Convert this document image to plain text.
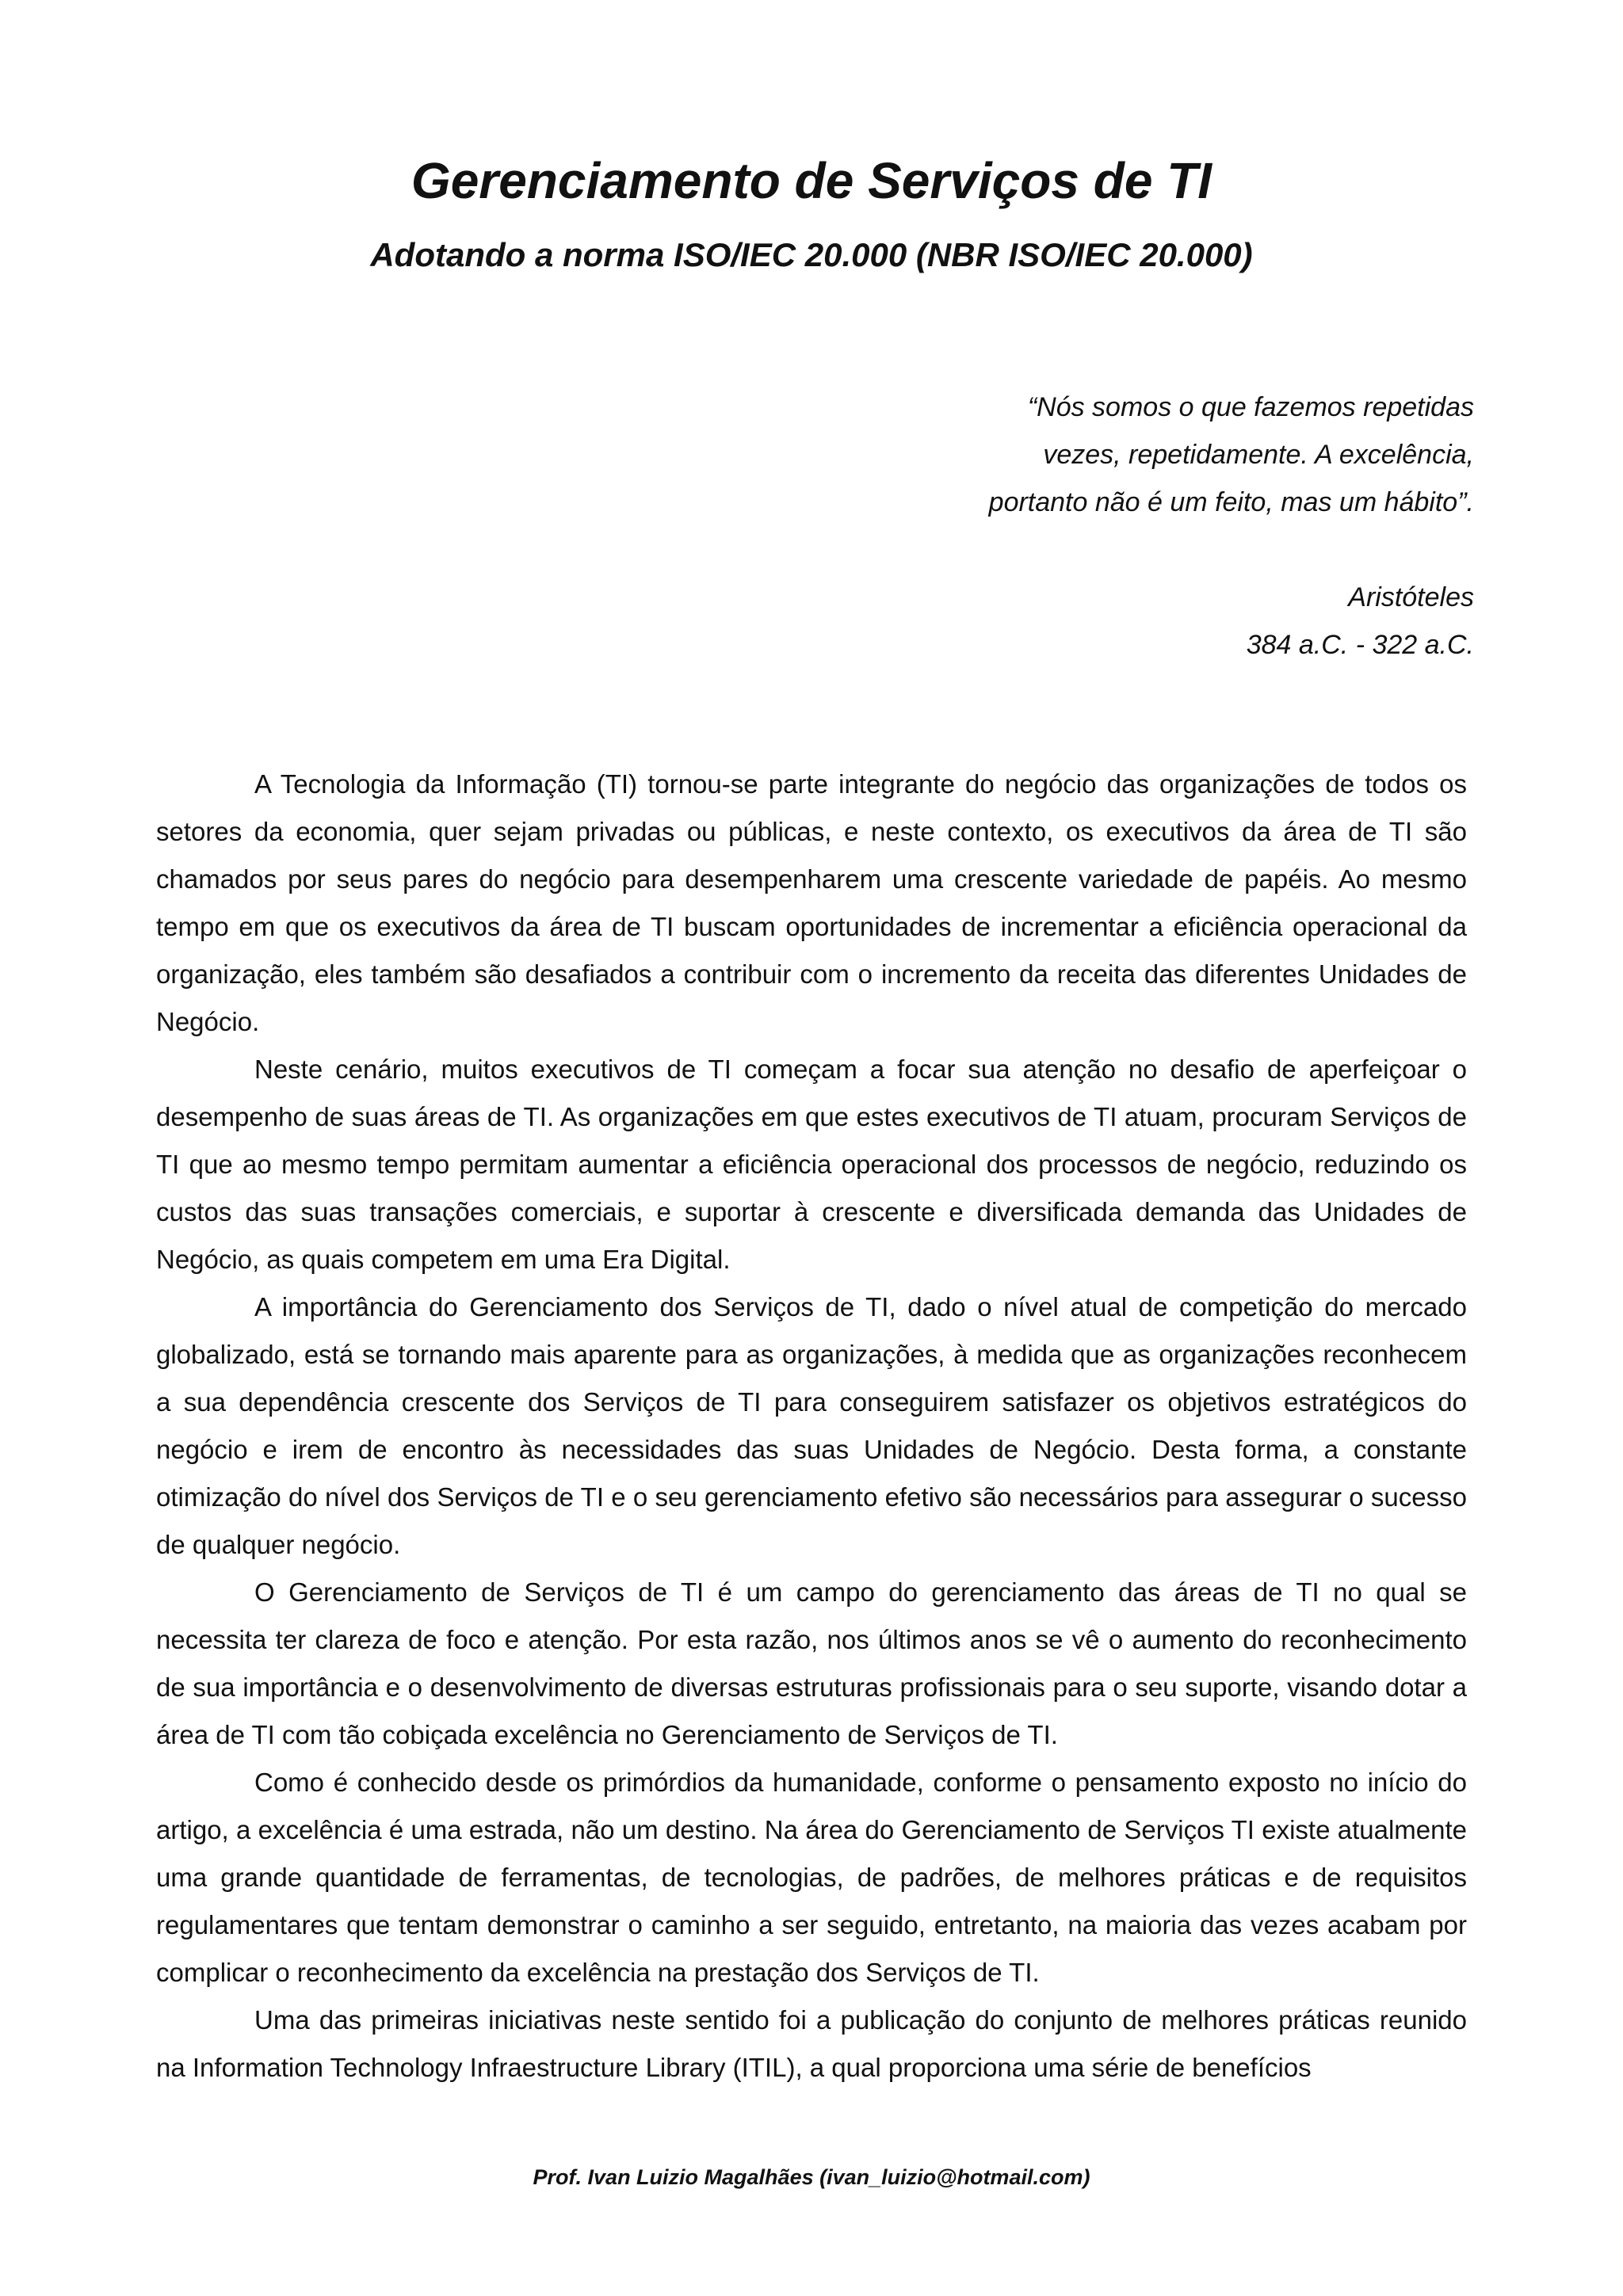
Gerenciamento de Serviços de TI
Adotando a norma ISO/IEC 20.000 (NBR ISO/IEC 20.000)
“Nós somos o que fazemos repetidas
vezes, repetidamente. A excelência,
portanto não é um feito, mas um hábito”.
Aristóteles
384 a.C. - 322 a.C.

A Tecnologia da Informação (TI) tornou-se parte integrante do negócio das organizações de todos os setores da economia, quer sejam privadas ou públicas, e neste contexto, os executivos da área de TI são chamados por seus pares do negócio para desempenharem uma crescente variedade de papéis. Ao mesmo tempo em que os executivos da área de TI buscam oportunidades de incrementar a eficiência operacional da organização, eles também são desafiados a contribuir com o incremento da receita das diferentes Unidades de Negócio.

Neste cenário, muitos executivos de TI começam a focar sua atenção no desafio de aperfeiçoar o desempenho de suas áreas de TI. As organizações em que estes executivos de TI atuam, procuram Serviços de TI que ao mesmo tempo permitam aumentar a eficiência operacional dos processos de negócio, reduzindo os custos das suas transações comerciais, e suportar à crescente e diversificada demanda das Unidades de Negócio, as quais competem em uma Era Digital.

A importância do Gerenciamento dos Serviços de TI, dado o nível atual de competição do mercado globalizado, está se tornando mais aparente para as organizações, à medida que as organizações reconhecem a sua dependência crescente dos Serviços de TI para conseguirem satisfazer os objetivos estratégicos do negócio e irem de encontro às necessidades das suas Unidades de Negócio. Desta forma, a constante otimização do nível dos Serviços de TI e o seu gerenciamento efetivo são necessários para assegurar o sucesso de qualquer negócio.

O Gerenciamento de Serviços de TI é um campo do gerenciamento das áreas de TI no qual se necessita ter clareza de foco e atenção. Por esta razão, nos últimos anos se vê o aumento do reconhecimento de sua importância e o desenvolvimento de diversas estruturas profissionais para o seu suporte, visando dotar a área de TI com tão cobiçada excelência no Gerenciamento de Serviços de TI.

Como é conhecido desde os primórdios da humanidade, conforme o pensamento exposto no início do artigo, a excelência é uma estrada, não um destino. Na área do Gerenciamento de Serviços TI existe atualmente uma grande quantidade de ferramentas, de tecnologias, de padrões, de melhores práticas e de requisitos regulamentares que tentam demonstrar o caminho a ser seguido, entretanto, na maioria das vezes acabam por complicar o reconhecimento da excelência na prestação dos Serviços de TI.

Uma das primeiras iniciativas neste sentido foi a publicação do conjunto de melhores práticas reunido na Information Technology Infraestructure Library (ITIL), a qual proporciona uma série de benefícios

Prof. Ivan Luizio Magalhães (ivan_luizio@hotmail.com)
